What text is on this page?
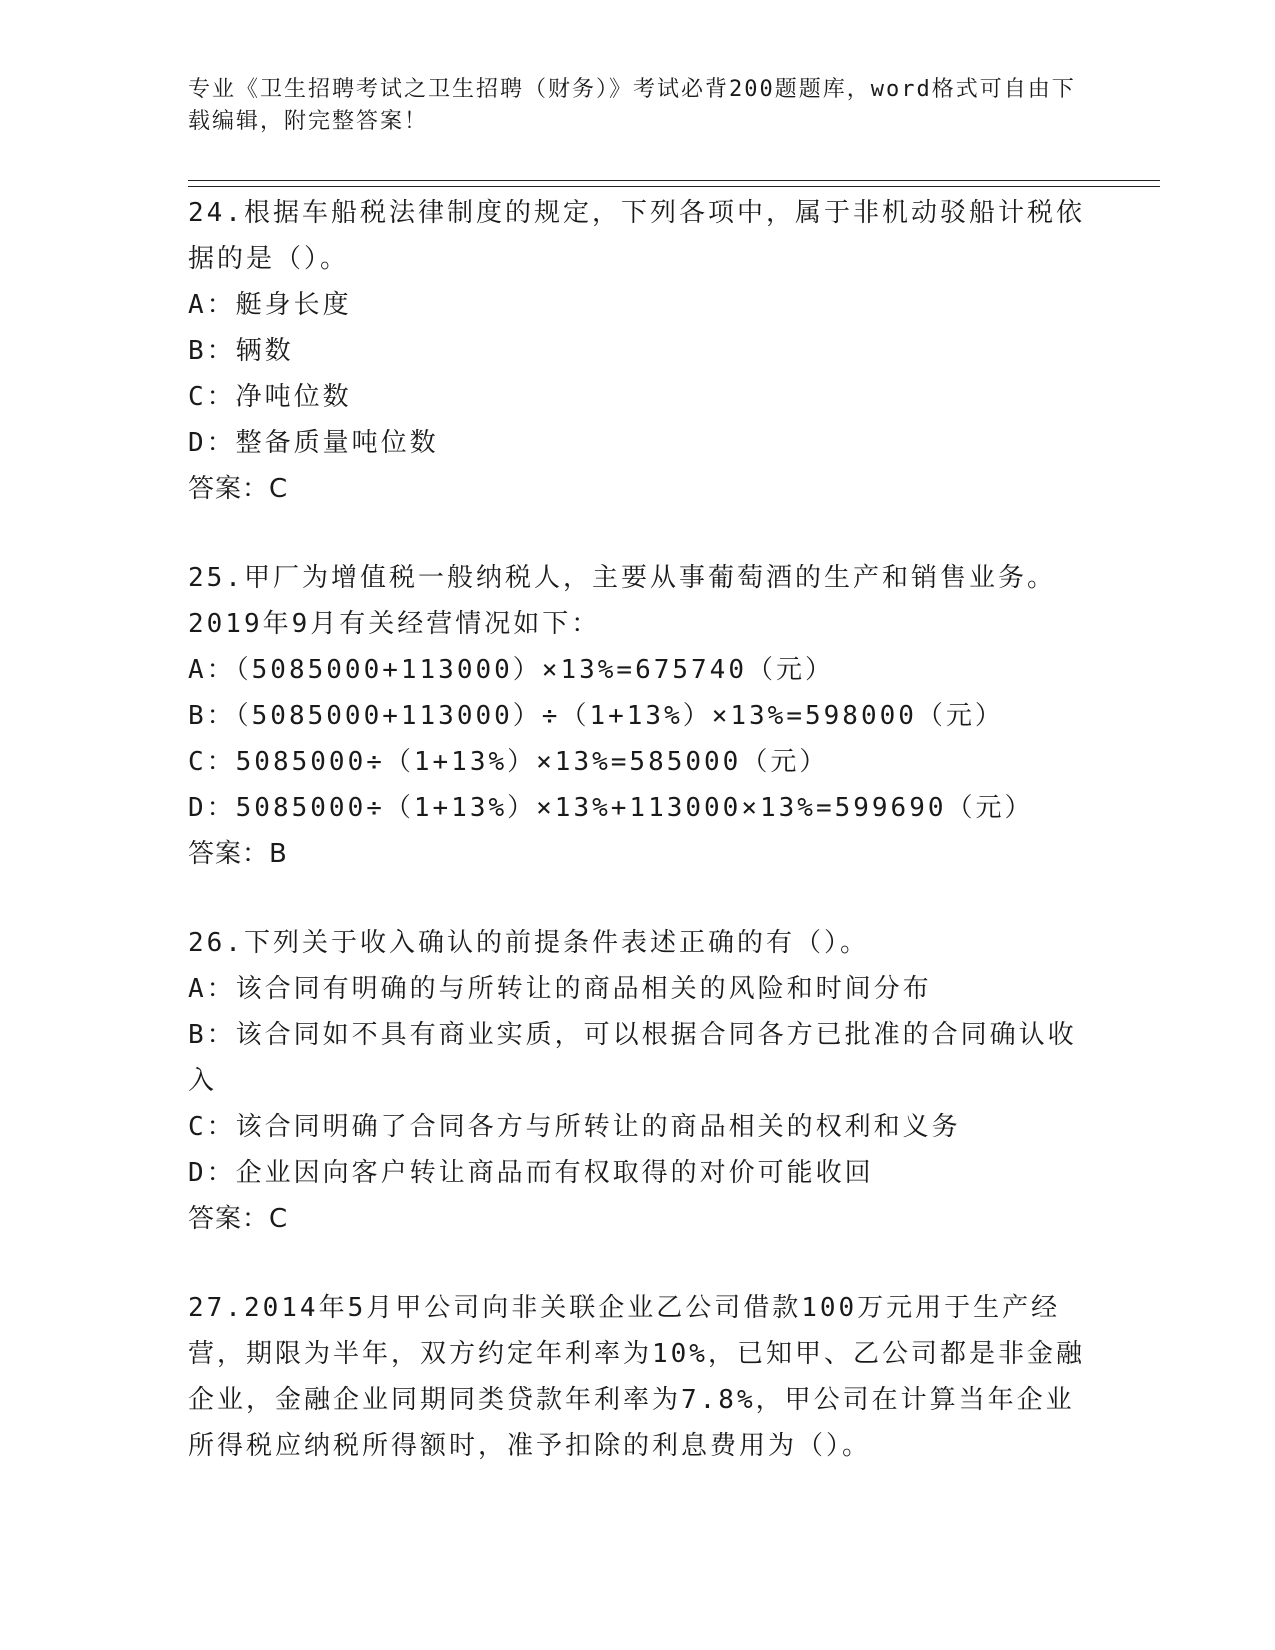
专业《卫生招聘考试之卫生招聘（财务）》考试必背200题题库，word格式可自由下载编辑，附完整答案！
24.根据车船税法律制度的规定，下列各项中，属于非机动驳船计税依据的是（）。
A：艇身长度
B：辆数
C：净吨位数
D：整备质量吨位数
答案：C
25.甲厂为增值税一般纳税人，主要从事葡萄酒的生产和销售业务。
2019年9月有关经营情况如下：
A：（5085000+113000）×13%=675740（元）
B：（5085000+113000）÷（1+13%）×13%=598000（元）
C：5085000÷（1+13%）×13%=585000（元）
D：5085000÷（1+13%）×13%+113000×13%=599690（元）
答案：B
26.下列关于收入确认的前提条件表述正确的有（）。
A：该合同有明确的与所转让的商品相关的风险和时间分布
B：该合同如不具有商业实质，可以根据合同各方已批准的合同确认收入
C：该合同明确了合同各方与所转让的商品相关的权利和义务
D：企业因向客户转让商品而有权取得的对价可能收回
答案：C
27.2014年5月甲公司向非关联企业乙公司借款100万元用于生产经营，期限为半年，双方约定年利率为10%，已知甲、乙公司都是非金融企业，金融企业同期同类贷款年利率为7.8%，甲公司在计算当年企业所得税应纳税所得额时，准予扣除的利息费用为（）。
